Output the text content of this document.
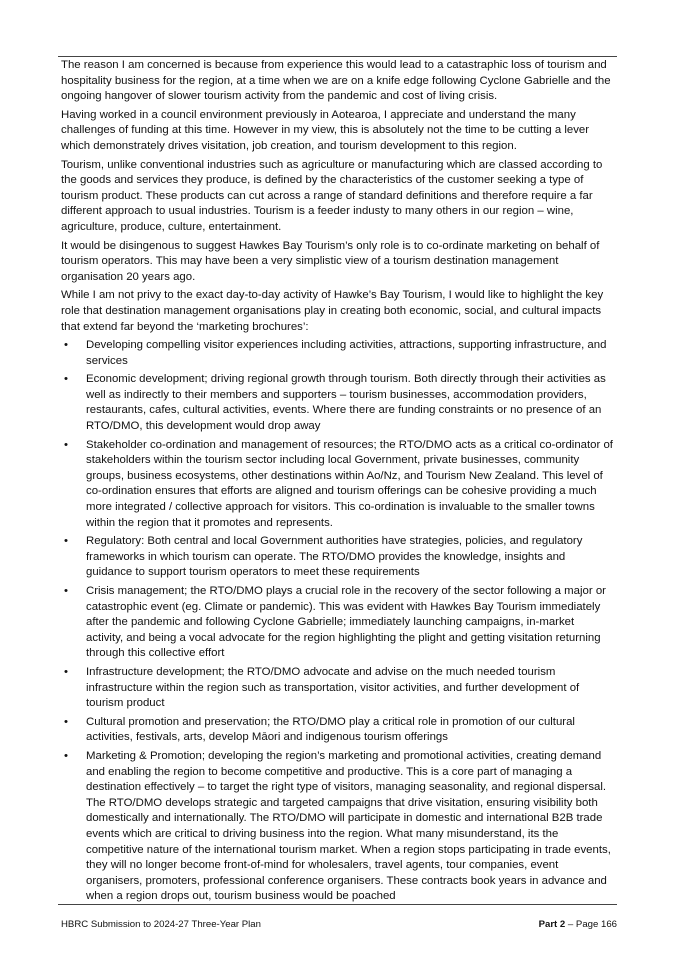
The reason I am concerned is because from experience this would lead to a catastraphic loss of tourism and hospitality business for the region, at a time when we are on a knife edge following Cyclone Gabrielle and the ongoing hangover of slower tourism activity from the pandemic and cost of living crisis.

Having worked in a council environment previously in Aotearoa, I appreciate and understand the many challenges of funding at this time. However in my view, this is absolutely not the time to be cutting a lever which demonstrately drives visitation, job creation, and tourism development to this region.

Tourism, unlike conventional industries such as agriculture or manufacturing which are classed according to the goods and services they produce, is defined by the characteristics of the customer seeking a type of tourism product. These products can cut across a range of standard definitions and therefore require a far different approach to usual industries. Tourism is a feeder industy to many others in our region – wine, agriculture, produce, culture, entertainment.

It would be disingenous to suggest Hawkes Bay Tourism’s only role is to co-ordinate marketing on behalf of tourism operators. This may have been a very simplistic view of a tourism destination management organisation 20 years ago.

While I am not privy to the exact day-to-day activity of Hawke’s Bay Tourism, I would like to highlight the key role that destination management organisations play in creating both economic, social, and cultural impacts that extend far beyond the ‘marketing brochures’:

• Developing compelling visitor experiences including activities, attractions, supporting infrastructure, and services
• Economic development; driving regional growth through tourism. Both directly through their activities as well as indirectly to their members and supporters – tourism businesses, accommodation providers, restaurants, cafes, cultural activities, events. Where there are funding constraints or no presence of an RTO/DMO, this development would drop away
• Stakeholder co-ordination and management of resources; the RTO/DMO acts as a critical co-ordinator of stakeholders within the tourism sector including local Government, private businesses, community groups, business ecosystems, other destinations within Ao/Nz, and Tourism New Zealand. This level of co-ordination ensures that efforts are aligned and tourism offerings can be cohesive providing a much more integrated / collective approach for visitors. This co-ordination is invaluable to the smaller towns within the region that it promotes and represents.
• Regulatory: Both central and local Government authorities have strategies, policies, and regulatory frameworks in which tourism can operate. The RTO/DMO provides the knowledge, insights and guidance to support tourism operators to meet these requirements
• Crisis management; the RTO/DMO plays a crucial role in the recovery of the sector following a major or catastrophic event (eg. Climate or pandemic). This was evident with Hawkes Bay Tourism immediately after the pandemic and following Cyclone Gabrielle; immediately launching campaigns, in-market activity, and being a vocal advocate for the region highlighting the plight and getting visitation returning through this collective effort
• Infrastructure development; the RTO/DMO advocate and advise on the much needed tourism infrastructure within the region such as transportation, visitor activities, and further development of tourism product
• Cultural promotion and preservation; the RTO/DMO play a critical role in promotion of our cultural activities, festivals, arts, develop Māori and indigenous tourism offerings
• Marketing & Promotion; developing the region’s marketing and promotional activities, creating demand and enabling the region to become competitive and productive. This is a core part of managing a destination effectively – to target the right type of visitors, managing seasonality, and regional dispersal. The RTO/DMO develops strategic and targeted campaigns that drive visitation, ensuring visibility both domestically and internationally. The RTO/DMO will participate in domestic and international B2B trade events which are critical to driving business into the region. What many misunderstand, its the competitive nature of the international tourism market. When a region stops participating in trade events, they will no longer become front-of-mind for wholesalers, travel agents, tour companies, event organisers, promoters, professional conference organisers. These contracts book years in advance and when a region drops out, tourism business would be poached
HBRC Submission to 2024-27 Three-Year Plan	Part 2 – Page 166
